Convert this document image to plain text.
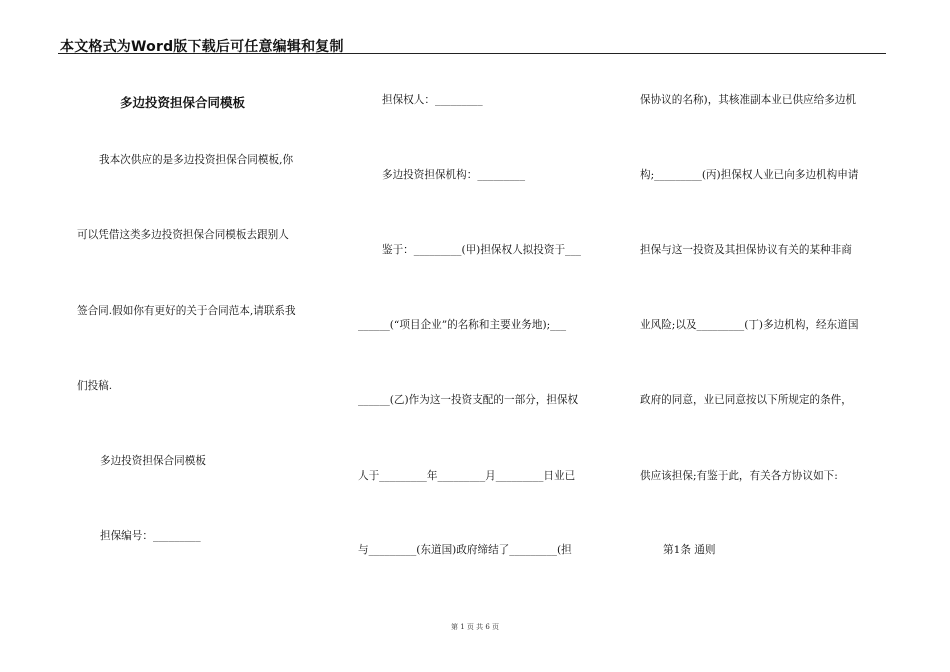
本文格式为Word版下载后可任意编辑和复制
多边投资担保合同模板
我本次供应的是多边投资担保合同模板,你
可以凭借这类多边投资担保合同模板去跟别人
签合同.假如你有更好的关于合同范本,请联系我
们投稿.
多边投资担保合同模板
担保编号：_________
担保权人：_________
多边投资担保机构：_________
鉴于：_________(甲)担保权人拟投资于___
______(“项目企业”的名称和主要业务地);___
______(乙)作为这一投资支配的一部分，担保权
人于_________年_________月_________日业已
与_________(东道国)政府缔结了_________(担
保协议的名称)，其核准副本业已供应给多边机
构;_________(丙)担保权人业已向多边机构申请
担保与这一投资及其担保协议有关的某种非商
业风险;以及_________(丁)多边机构，经东道国
政府的同意，业已同意按以下所规定的条件，
供应该担保;有鉴于此，有关各方协议如下:
第1条 通则
第 1 页 共 6 页
